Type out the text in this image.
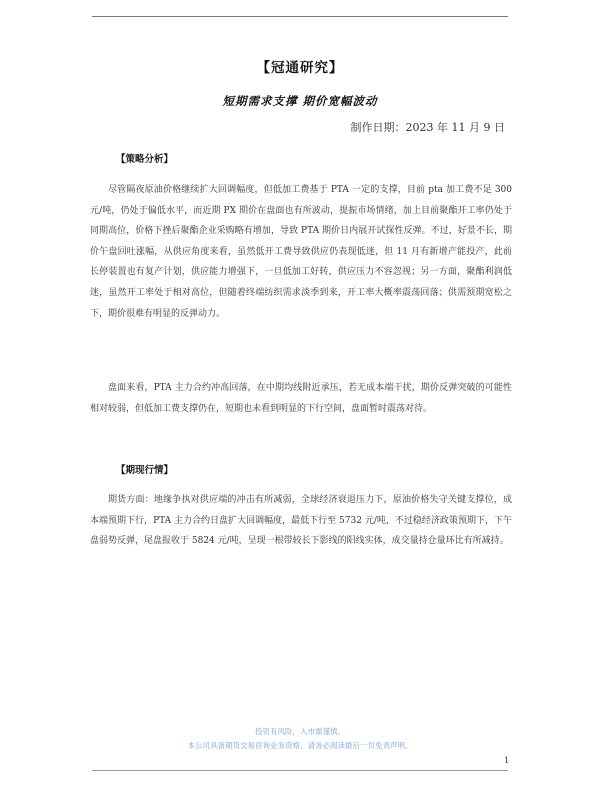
【冠通研究】
短期需求支撑 期价宽幅波动
制作日期：2023 年 11 月 9 日
【策略分析】

尽管隔夜原油价格继续扩大回调幅度，但低加工费基于 PTA 一定的支撑，目前 pta 加工费不足 300 元/吨，仍处于偏低水平，而近期 PX 期价在盘面也有所波动，提振市场情绪，加上目前聚酯开工率仍处于同期高位，价格下挫后聚酯企业采购略有增加，导致 PTA 期价日内展开试探性反弹。不过，好景不长，期价午盘回吐涨幅，从供应角度来看，虽然低开工费导致供应仍表现低迷，但 11 月有新增产能投产，此前长停装置也有复产计划，供应能力增强下，一旦低加工好转，供应压力不容忽视；另一方面，聚酯利润低迷，虽然开工率处于相对高位，但随着终端纺织需求淡季到来，开工率大概率震荡回落；供需预期宽松之下，期价很难有明显的反弹动力。

盘面来看，PTA 主力合约冲高回落，在中期均线附近承压，若无成本端干扰，期价反弹突破的可能性相对较弱，但低加工费支撑仍在，短期也未看到明显的下行空间，盘面暂时震荡对待。

【期现行情】

期货方面：地缘争执对供应端的冲击有所减弱，全球经济衰退压力下，原油价格失守关键支撑位，成本端预期下行，PTA 主力合约日盘扩大回调幅度，最低下行至 5732 元/吨，不过稳经济政策预期下，下午盘弱势反弹，尾盘报收于 5824 元/吨，呈现一根带较长下影线的阳线实体，成交量持仓量环比有所减持。

投资有风险，入市需谨慎。
本公司具备期货交易咨询业务资格，请务必阅读最后一页免责声明。
1
